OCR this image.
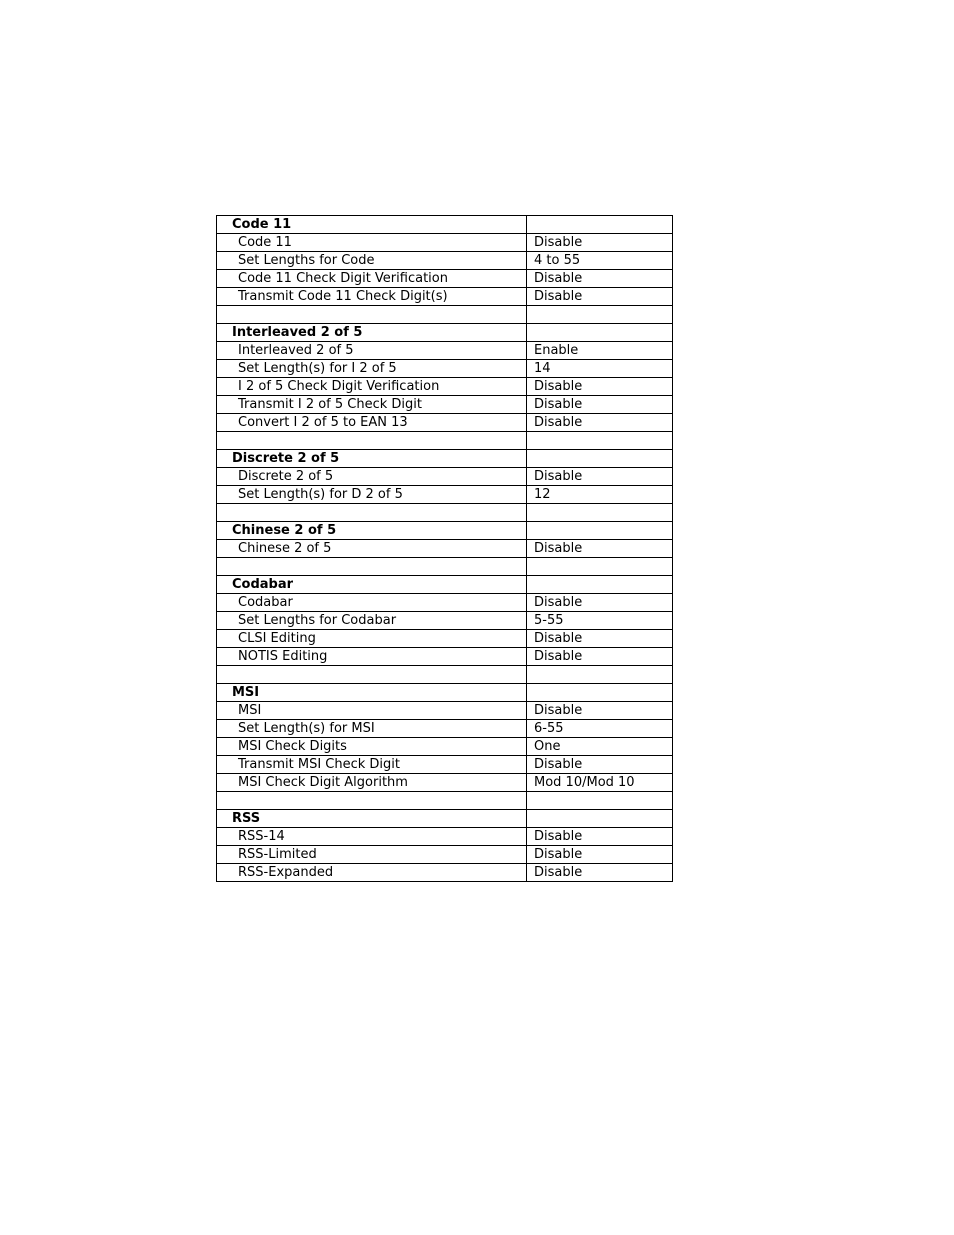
Code 11	
Code 11	Disable
Set Lengths for Code	4 to 55
Code 11 Check Digit Verification	Disable
Transmit Code 11 Check Digit(s)	Disable

Interleaved 2 of 5	
Interleaved 2 of 5	Enable
Set Length(s) for I 2 of 5	14
I 2 of 5 Check Digit Verification	Disable
Transmit I 2 of 5 Check Digit	Disable
Convert I 2 of 5 to EAN 13	Disable

Discrete 2 of 5	
Discrete 2 of 5	Disable
Set Length(s) for D 2 of 5	12

Chinese 2 of 5	
Chinese 2 of 5	Disable

Codabar	
Codabar	Disable
Set Lengths for Codabar	5-55
CLSI Editing	Disable
NOTIS Editing	Disable

MSI	
MSI	Disable
Set Length(s) for MSI	6-55
MSI Check Digits	One
Transmit MSI Check Digit	Disable
MSI Check Digit Algorithm	Mod 10/Mod 10

RSS	
RSS-14	Disable
RSS-Limited	Disable
RSS-Expanded	Disable
